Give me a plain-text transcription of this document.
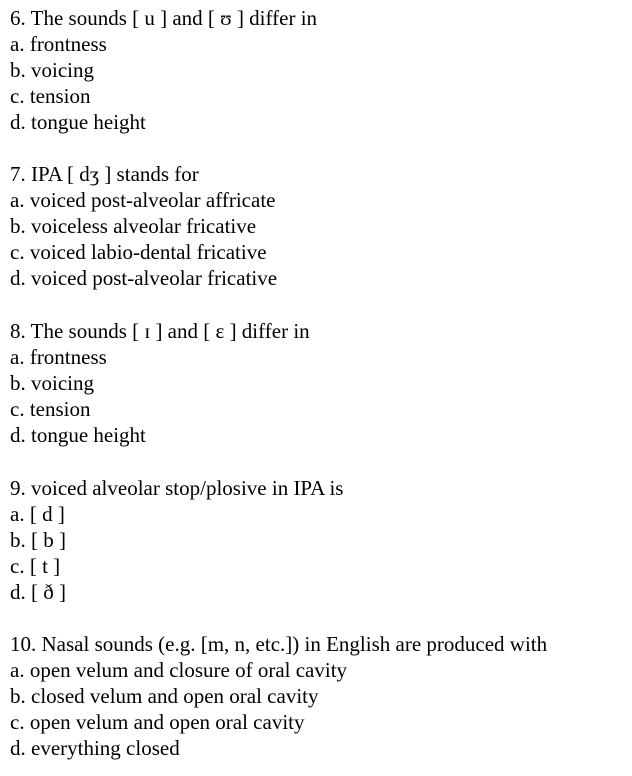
6. The sounds [ u ] and [ ʊ ] differ in

a. frontness

b. voicing

c. tension

d. tongue height

7. IPA [ dʒ ] stands for

a. voiced post-alveolar affricate

b. voiceless alveolar fricative

c. voiced labio-dental fricative

d. voiced post-alveolar fricative

8. The sounds [ ɪ ] and [ ɛ ] differ in

a. frontness

b. voicing

c. tension

d. tongue height

9. voiced alveolar stop/plosive in IPA is

a. [ d ]

b. [ b ]

c. [ t ]

d. [ ð ]

10. Nasal sounds (e.g. [m, n, etc.]) in English are produced with

a. open velum and closure of oral cavity

b. closed velum and open oral cavity

c. open velum and open oral cavity

d. everything closed
